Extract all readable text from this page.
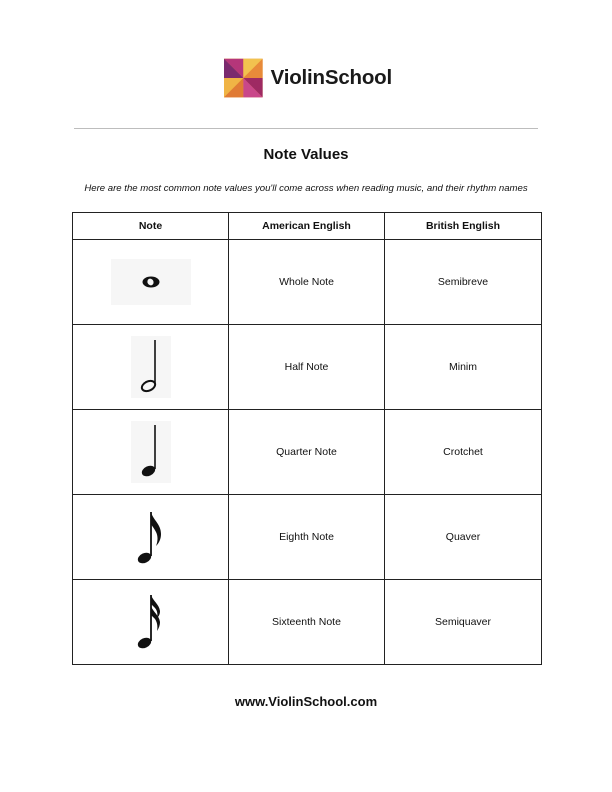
ViolinSchool
Note Values
Here are the most common note values you'll come across when reading music, and their rhythm names
Note	American English	British English

	Whole Note	Semibreve

	Half Note	Minim

	Quarter Note	Crotchet

	Eighth Note	Quaver

	Sixteenth Note	Semiquaver
www.ViolinSchool.com
